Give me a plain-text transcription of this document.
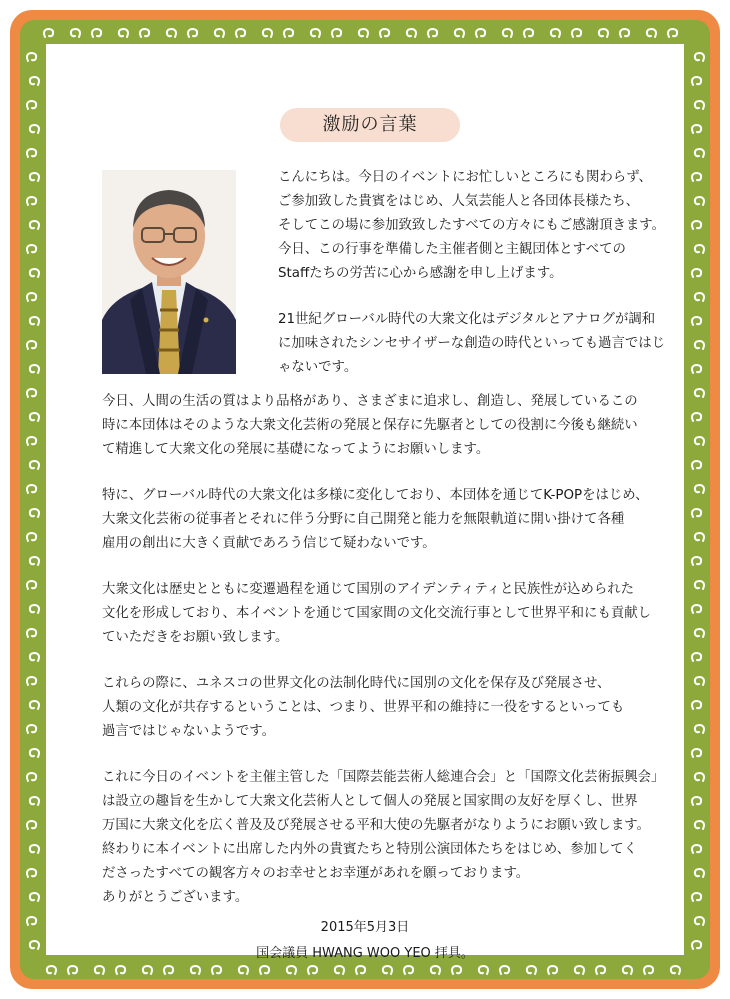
激励の言葉
こんにちは。今日のイベントにお忙しいところにも関わらず、
ご参加致した貴賓をはじめ、人気芸能人と各団体長様たち、
そしてこの場に参加致致したすべての方々にもご感謝頂きます。
今日、この行事を準備した主催者側と主観団体とすべての
Staffたちの労苦に心から感謝を申し上げます。
21世紀グローバル時代の大衆文化はデジタルとアナログが調和
に加味されたシンセサイザーな創造の時代といっても過言ではじ
ゃないです。
今日、人間の生活の質はより品格があり、さまざまに追求し、創造し、発展しているこの
時に本団体はそのような大衆文化芸術の発展と保存に先駆者としての役割に今後も継続い
て精進して大衆文化の発展に基礎になってようにお願いします。
特に、グローバル時代の大衆文化は多様に変化しており、本団体を通じてK-POPをはじめ、
大衆文化芸術の従事者とそれに伴う分野に自己開発と能力を無限軌道に開い掛けて各種
雇用の創出に大きく貢献であろう信じて疑わないです。
大衆文化は歴史とともに変遷過程を通じて国別のアイデンティティと民族性が込められた
文化を形成しており、本イベントを通じて国家間の文化交流行事として世界平和にも貢献し
ていただきをお願い致します。
これらの際に、ユネスコの世界文化の法制化時代に国別の文化を保存及び発展させ、
人類の文化が共存するということは、つまり、世界平和の維持に一役をするといっても
過言ではじゃないようです。
これに今日のイベントを主催主管した「国際芸能芸術人総連合会」と「国際文化芸術振興会」
は設立の趣旨を生かして大衆文化芸術人として個人の発展と国家間の友好を厚くし、世界
万国に大衆文化を広く普及及び発展させる平和大使の先駆者がなりようにお願い致します。
終わりに本イベントに出席した内外の貴賓たちと特別公演団体たちをはじめ、参加してく
ださったすべての観客方々のお幸せとお幸運があれを願っております。
ありがとうございます。
2015年5月3日
国会議員 HWANG WOO YEO 拝具。
